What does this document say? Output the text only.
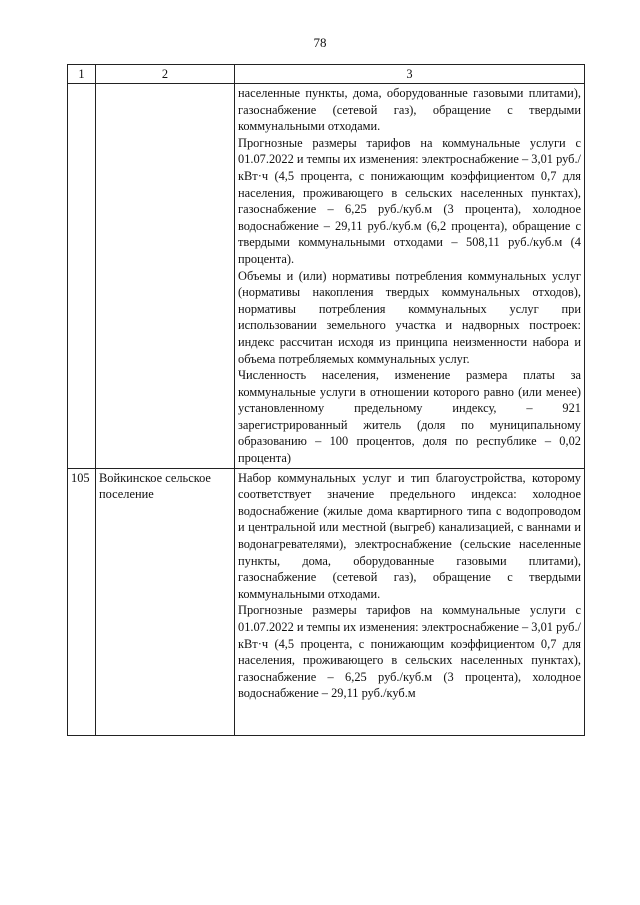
78
1	2	3

		населенные пункты, дома, оборудованные газовыми плитами), газоснабжение (сетевой газ), обращение с твердыми коммунальными отходами.

Прогнозные размеры тарифов на коммунальные услуги с 01.07.2022 и темпы их изменения: электроснабжение – 3,01 руб./кВт·ч (4,5 процента, с понижающим коэффициентом 0,7 для населения, проживающего в сельских населенных пунктах), газоснабжение – 6,25 руб./куб.м (3 процента), холодное водоснабжение – 29,11 руб./куб.м (6,2 процента), обращение с твердыми коммунальными отходами – 508,11 руб./куб.м (4 процента).

Объемы и (или) нормативы потребления коммунальных услуг (нормативы накопления твердых коммунальных отходов), нормативы потребления коммунальных услуг при использовании земельного участка и надворных построек: индекс рассчитан исходя из принципа неизменности набора и объема потребляемых коммунальных услуг.

Численность населения, изменение размера платы за коммунальные услуги в отношении которого равно (или менее) установленному предельному индексу, – 921 зарегистрированный житель (доля по муниципальному образованию – 100 процентов, доля по республике – 0,02 процента)

105	Войкинское сельское поселение	Набор коммунальных услуг и тип благоустройства, которому соответствует значение предельного индекса: холодное водоснабжение (жилые дома квартирного типа с водопроводом и центральной или местной (выгреб) канализацией, с ваннами и водонагревателями), электроснабжение (сельские населенные пункты, дома, оборудованные газовыми плитами), газоснабжение (сетевой газ), обращение с твердыми коммунальными отходами.

Прогнозные размеры тарифов на коммунальные услуги с 01.07.2022 и темпы их изменения: электроснабжение – 3,01 руб./кВт·ч (4,5 процента, с понижающим коэффициентом 0,7 для населения, проживающего в сельских населенных пунктах), газоснабжение – 6,25 руб./куб.м (3 процента), холодное водоснабжение – 29,11 руб./куб.м
